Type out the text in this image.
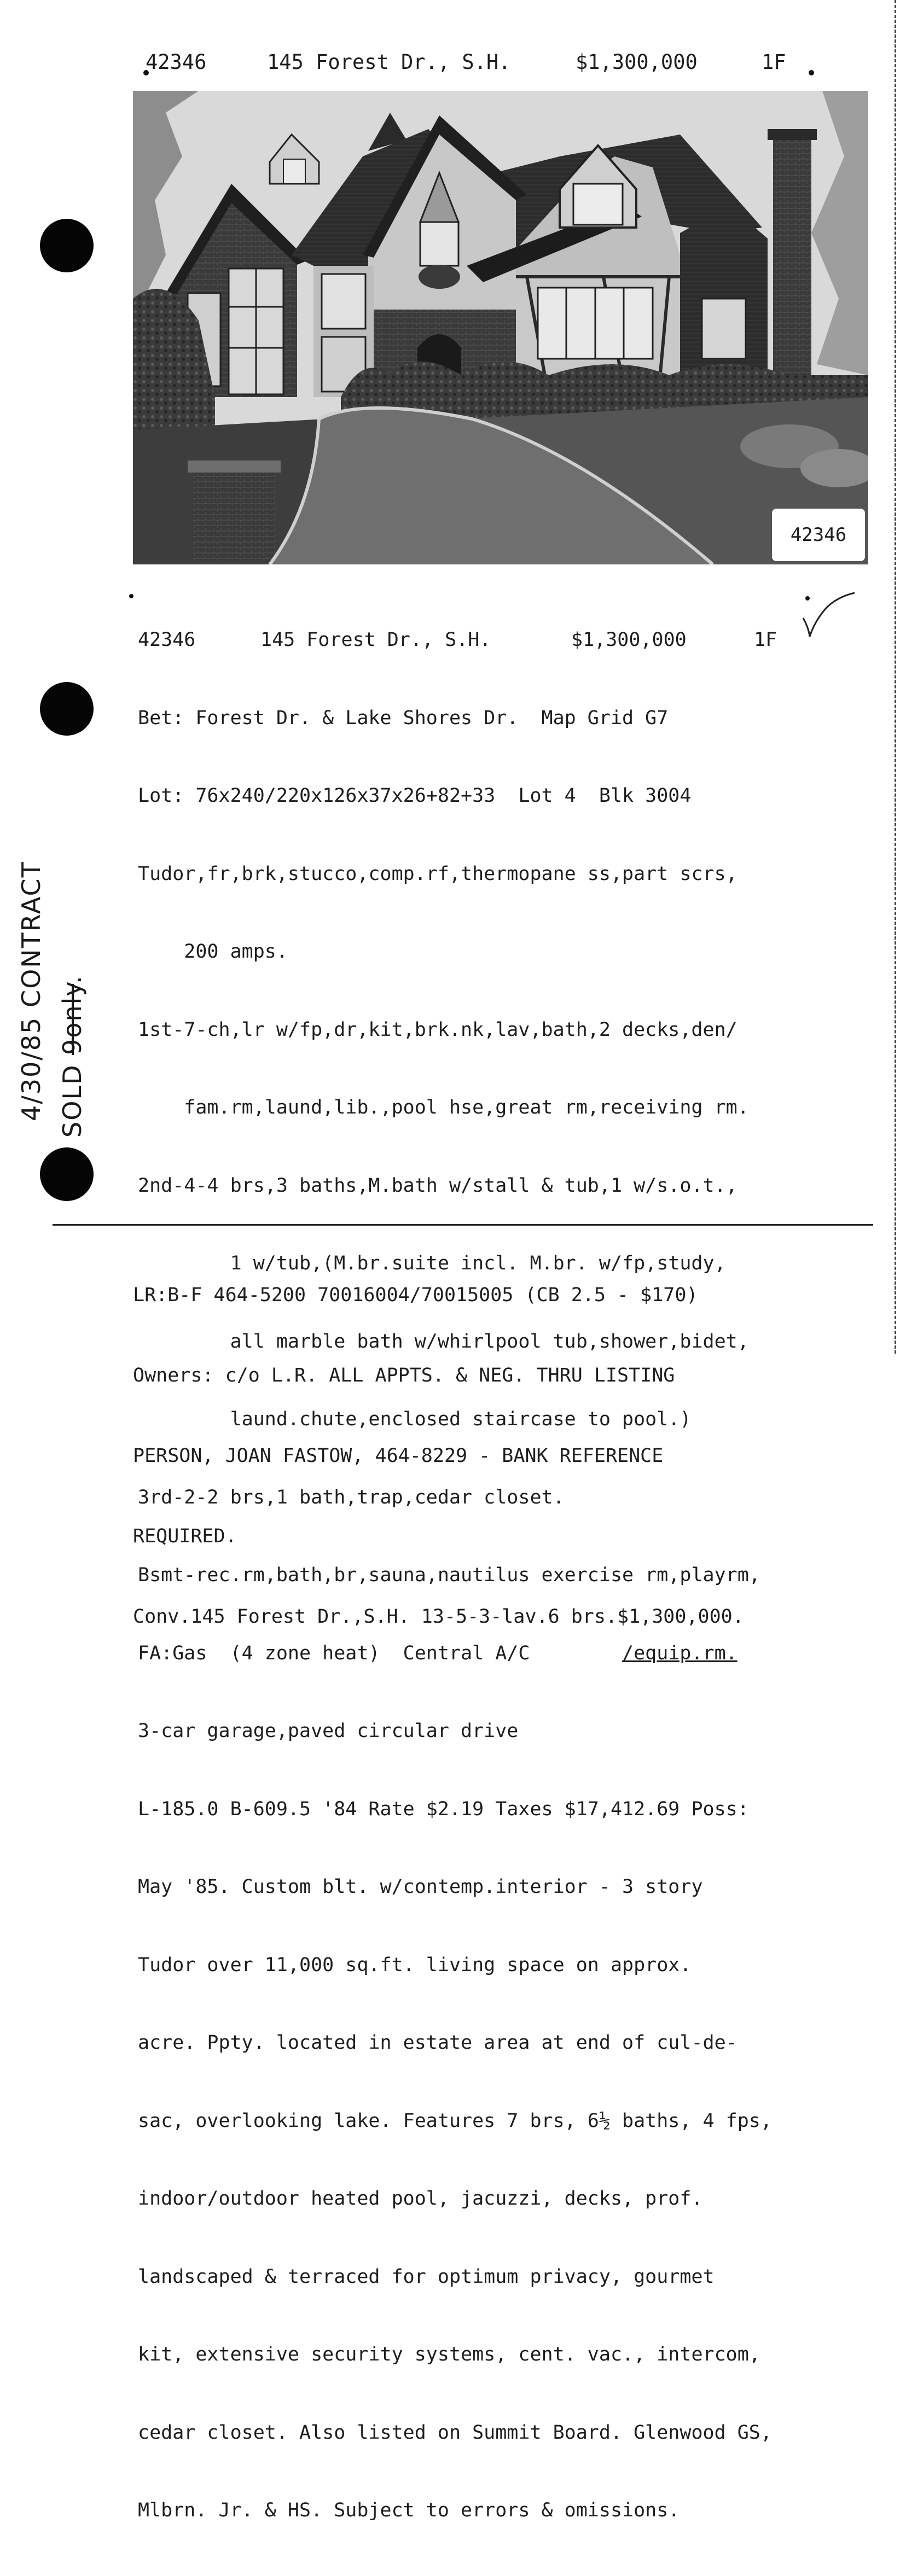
42346

	145 Forest Dr., S.H.

	$1,300,000

	1F

42346

42346

	145 Forest Dr., S.H.

	$1,300,000

	1F

Bet: Forest Dr. & Lake Shores Dr.  Map Grid G7

Lot: 76x240/220x126x37x26+82+33  Lot 4  Blk 3004

Tudor,fr,brk,stucco,comp.rf,thermopane ss,part scrs,

200 amps.

1st-7-ch,lr w/fp,dr,kit,brk.nk,lav,bath,2 decks,den/

fam.rm,laund,lib.,pool hse,great rm,receiving rm.

2nd-4-4 brs,3 baths,M.bath w/stall & tub,1 w/s.o.t.,

1 w/tub,(M.br.suite incl. M.br. w/fp,study,

all marble bath w/whirlpool tub,shower,bidet,

laund.chute,enclosed staircase to pool.)

3rd-2-2 brs,1 bath,trap,cedar closet.

Bsmt-rec.rm,bath,br,sauna,nautilus exercise rm,playrm,

FA:Gas  (4 zone heat)  Central A/C	/equip.rm.

3-car garage,paved circular drive

L-185.0 B-609.5 '84 Rate $2.19 Taxes $17,412.69 Poss:

May '85. Custom blt. w/contemp.interior - 3 story

Tudor over 11,000 sq.ft. living space on approx.

acre. Ppty. located in estate area at end of cul-de-

sac, overlooking lake. Features 7 brs, 6½ baths, 4 fps,

indoor/outdoor heated pool, jacuzzi, decks, prof.

landscaped & terraced for optimum privacy, gourmet

kit, extensive security systems, cent. vac., intercom,

cedar closet. Also listed on Summit Board. Glenwood GS,

Mlbrn. Jr. & HS. Subject to errors & omissions.

LR:B-F 464-5200 70016004/70015005 (CB 2.5 - $170)

Owners: c/o L.R. ALL APPTS. & NEG. THRU LISTING

PERSON, JOAN FASTOW, 464-8229 - BANK REFERENCE

REQUIRED.

Conv.145 Forest Dr.,S.H. 13-5-3-lav.6 brs.$1,300,000.

4/30/85 CONTRACT SOLD 9only.
